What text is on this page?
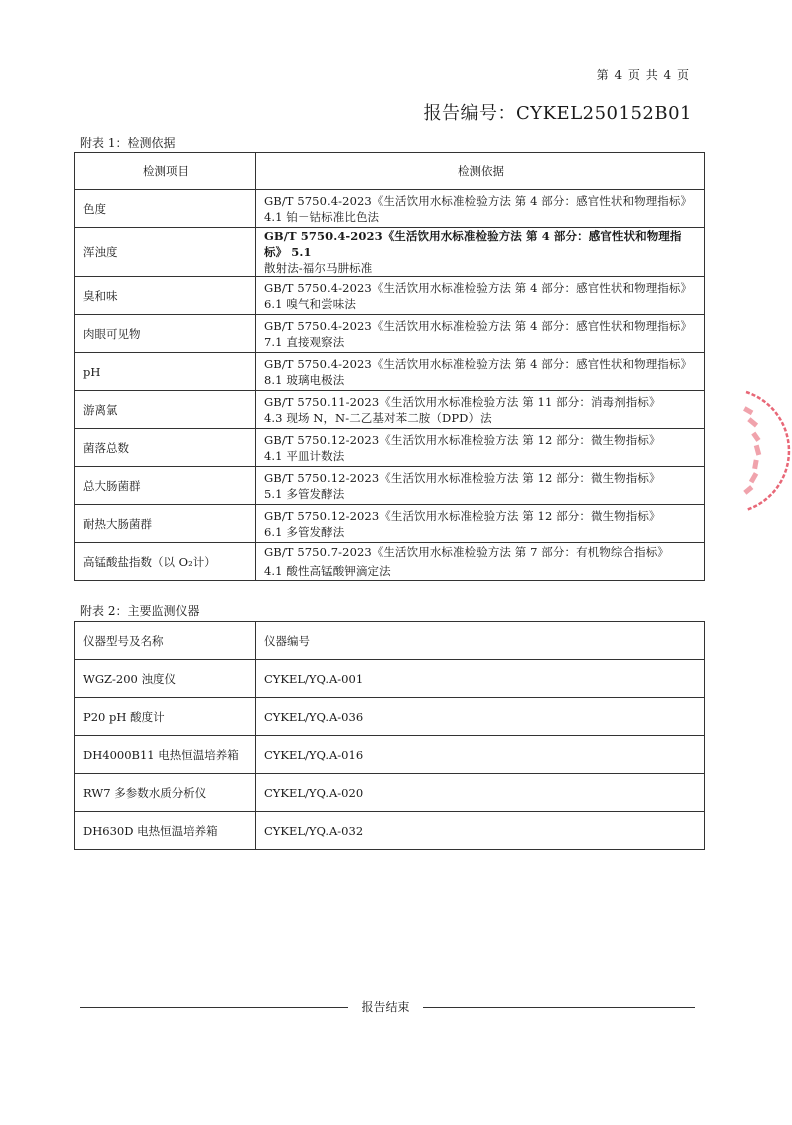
第 4 页 共 4 页
报告编号：CYKEL250152B01
附表 1：检测依据
检测项目	检测依据
色度	GB/T 5750.4-2023《生活饮用水标准检验方法 第 4 部分：感官性状和物理指标》
4.1 铂－钴标准比色法

浑浊度	GB/T 5750.4-2023《生活饮用水标准检验方法 第 4 部分：感官性状和物理指标》 5.1
散射法-福尔马肼标准

臭和味	GB/T 5750.4-2023《生活饮用水标准检验方法 第 4 部分：感官性状和物理指标》
6.1 嗅气和尝味法

肉眼可见物	GB/T 5750.4-2023《生活饮用水标准检验方法 第 4 部分：感官性状和物理指标》
7.1 直接观察法

pH	GB/T 5750.4-2023《生活饮用水标准检验方法 第 4 部分：感官性状和物理指标》
8.1 玻璃电极法

游离氯	GB/T 5750.11-2023《生活饮用水标准检验方法 第 11 部分：消毒剂指标》
4.3 现场 N，N-二乙基对苯二胺（DPD）法

菌落总数	GB/T 5750.12-2023《生活饮用水标准检验方法 第 12 部分：微生物指标》
4.1 平皿计数法

总大肠菌群	GB/T 5750.12-2023《生活饮用水标准检验方法 第 12 部分：微生物指标》
5.1 多管发酵法

耐热大肠菌群	GB/T 5750.12-2023《生活饮用水标准检验方法 第 12 部分：微生物指标》
6.1 多管发酵法

高锰酸盐指数（以 O₂计）	GB/T 5750.7-2023《生活饮用水标准检验方法 第 7 部分：有机物综合指标》
4.1 酸性高锰酸钾滴定法
附表 2：主要监测仪器
仪器型号及名称	仪器编号
WGZ-200 浊度仪	CYKEL/YQ.A-001
P20 pH 酸度计	CYKEL/YQ.A-036
DH4000B11 电热恒温培养箱	CYKEL/YQ.A-016
RW7 多参数水质分析仪	CYKEL/YQ.A-020
DH630D 电热恒温培养箱	CYKEL/YQ.A-032
报告结束
